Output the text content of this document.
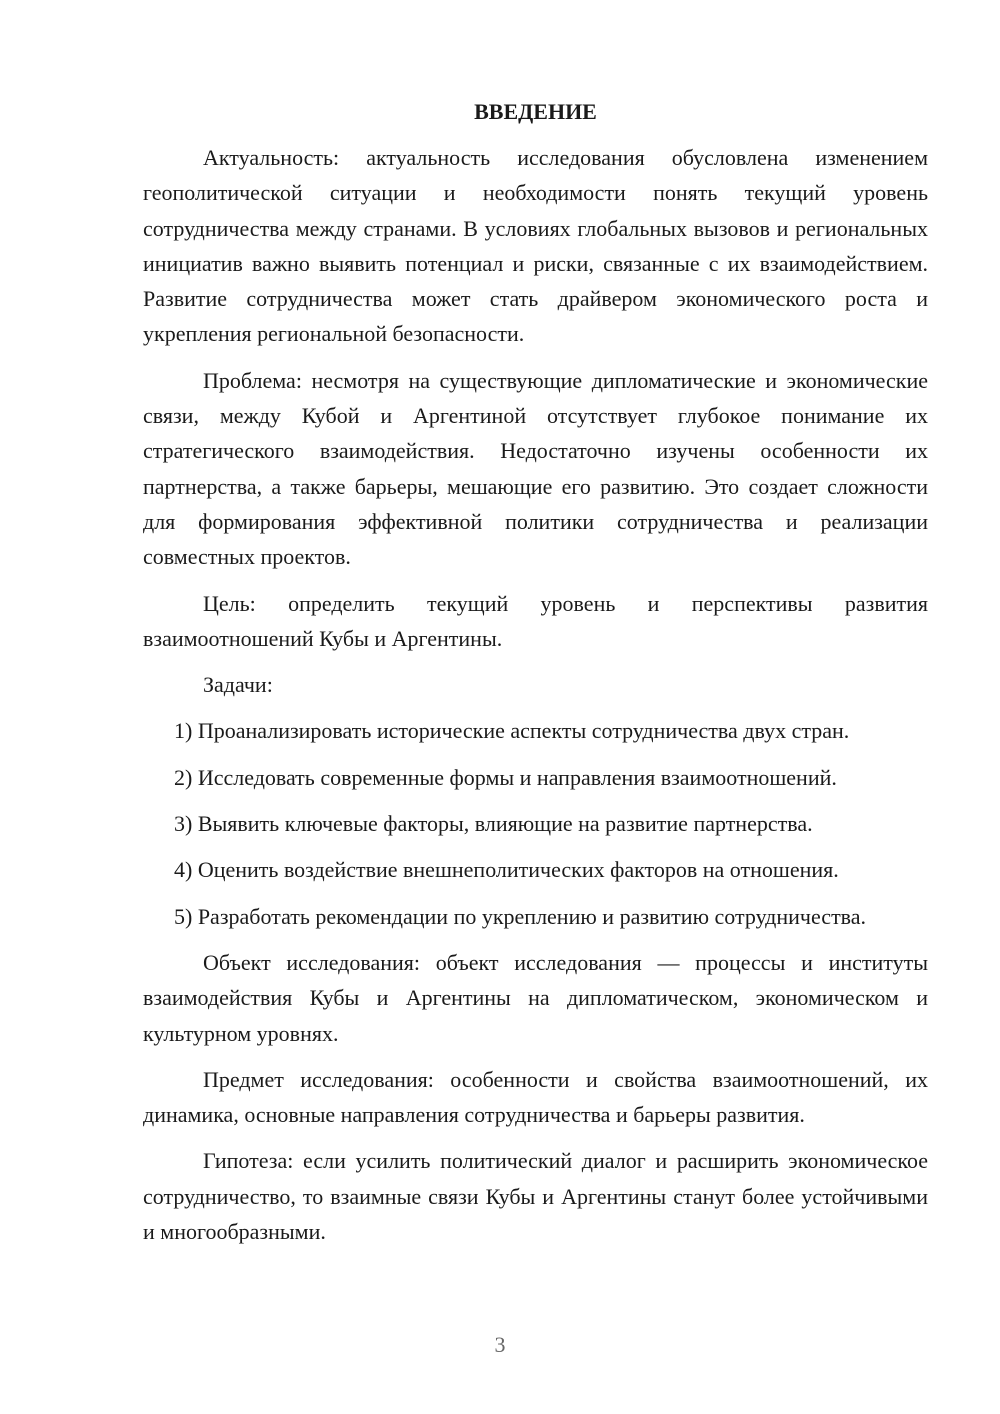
ВВЕДЕНИЕ

Актуальность: актуальность исследования обусловлена изменением геополитической ситуации и необходимости понять текущий уровень сотрудничества между странами. В условиях глобальных вызовов и региональных инициатив важно выявить потенциал и риски, связанные с их взаимодействием. Развитие сотрудничества может стать драйвером экономического роста и укрепления региональной безопасности.

Проблема: несмотря на существующие дипломатические и экономические связи, между Кубой и Аргентиной отсутствует глубокое понимание их стратегического взаимодействия. Недостаточно изучены особенности их партнерства, а также барьеры, мешающие его развитию. Это создает сложности для формирования эффективной политики сотрудничества и реализации совместных проектов.

Цель: определить текущий уровень и перспективы развития взаимоотношений Кубы и Аргентины.

Задачи:

1) Проанализировать исторические аспекты сотрудничества двух стран.

2) Исследовать современные формы и направления взаимоотношений.

3) Выявить ключевые факторы, влияющие на развитие партнерства.

4) Оценить воздействие внешнеполитических факторов на отношения.

5) Разработать рекомендации по укреплению и развитию сотрудничества.

Объект исследования: объект исследования — процессы и институты взаимодействия Кубы и Аргентины на дипломатическом, экономическом и культурном уровнях.

Предмет исследования: особенности и свойства взаимоотношений, их динамика, основные направления сотрудничества и барьеры развития.

Гипотеза: если усилить политический диалог и расширить экономическое сотрудничество, то взаимные связи Кубы и Аргентины станут более устойчивыми и многообразными.

3
